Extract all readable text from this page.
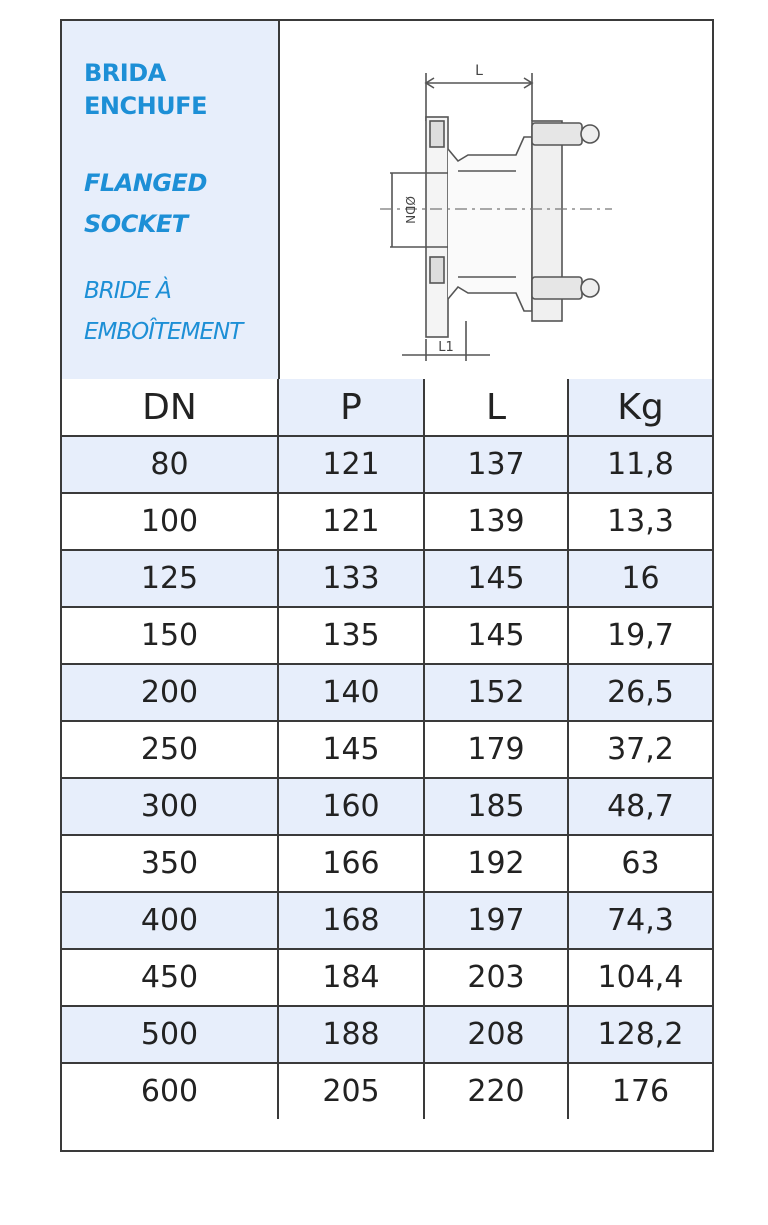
BRIDA
ENCHUFE
FLANGED
SOCKET
BRIDE À
EMBOÎTEMENT
L
L1
ØDN
DN	P	L	Kg
80	121	137	11,8
100	121	139	13,3
125	133	145	16
150	135	145	19,7
200	140	152	26,5
250	145	179	37,2
300	160	185	48,7
350	166	192	63
400	168	197	74,3
450	184	203	104,4
500	188	208	128,2
600	205	220	176
